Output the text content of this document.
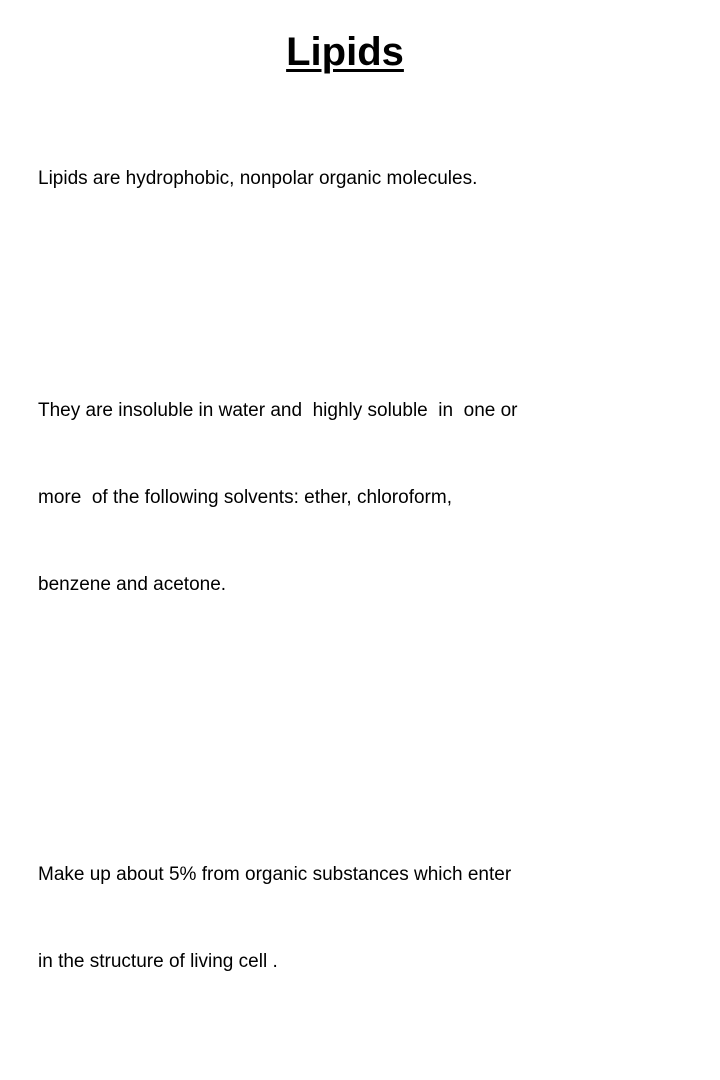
Lipids

Lipids are hydrophobic, nonpolar organic molecules.

They are insoluble in water and  highly soluble  in  one or

more  of the following solvents: ether, chloroform,

benzene and acetone.

Make up about 5% from organic substances which enter

in the structure of living cell .
